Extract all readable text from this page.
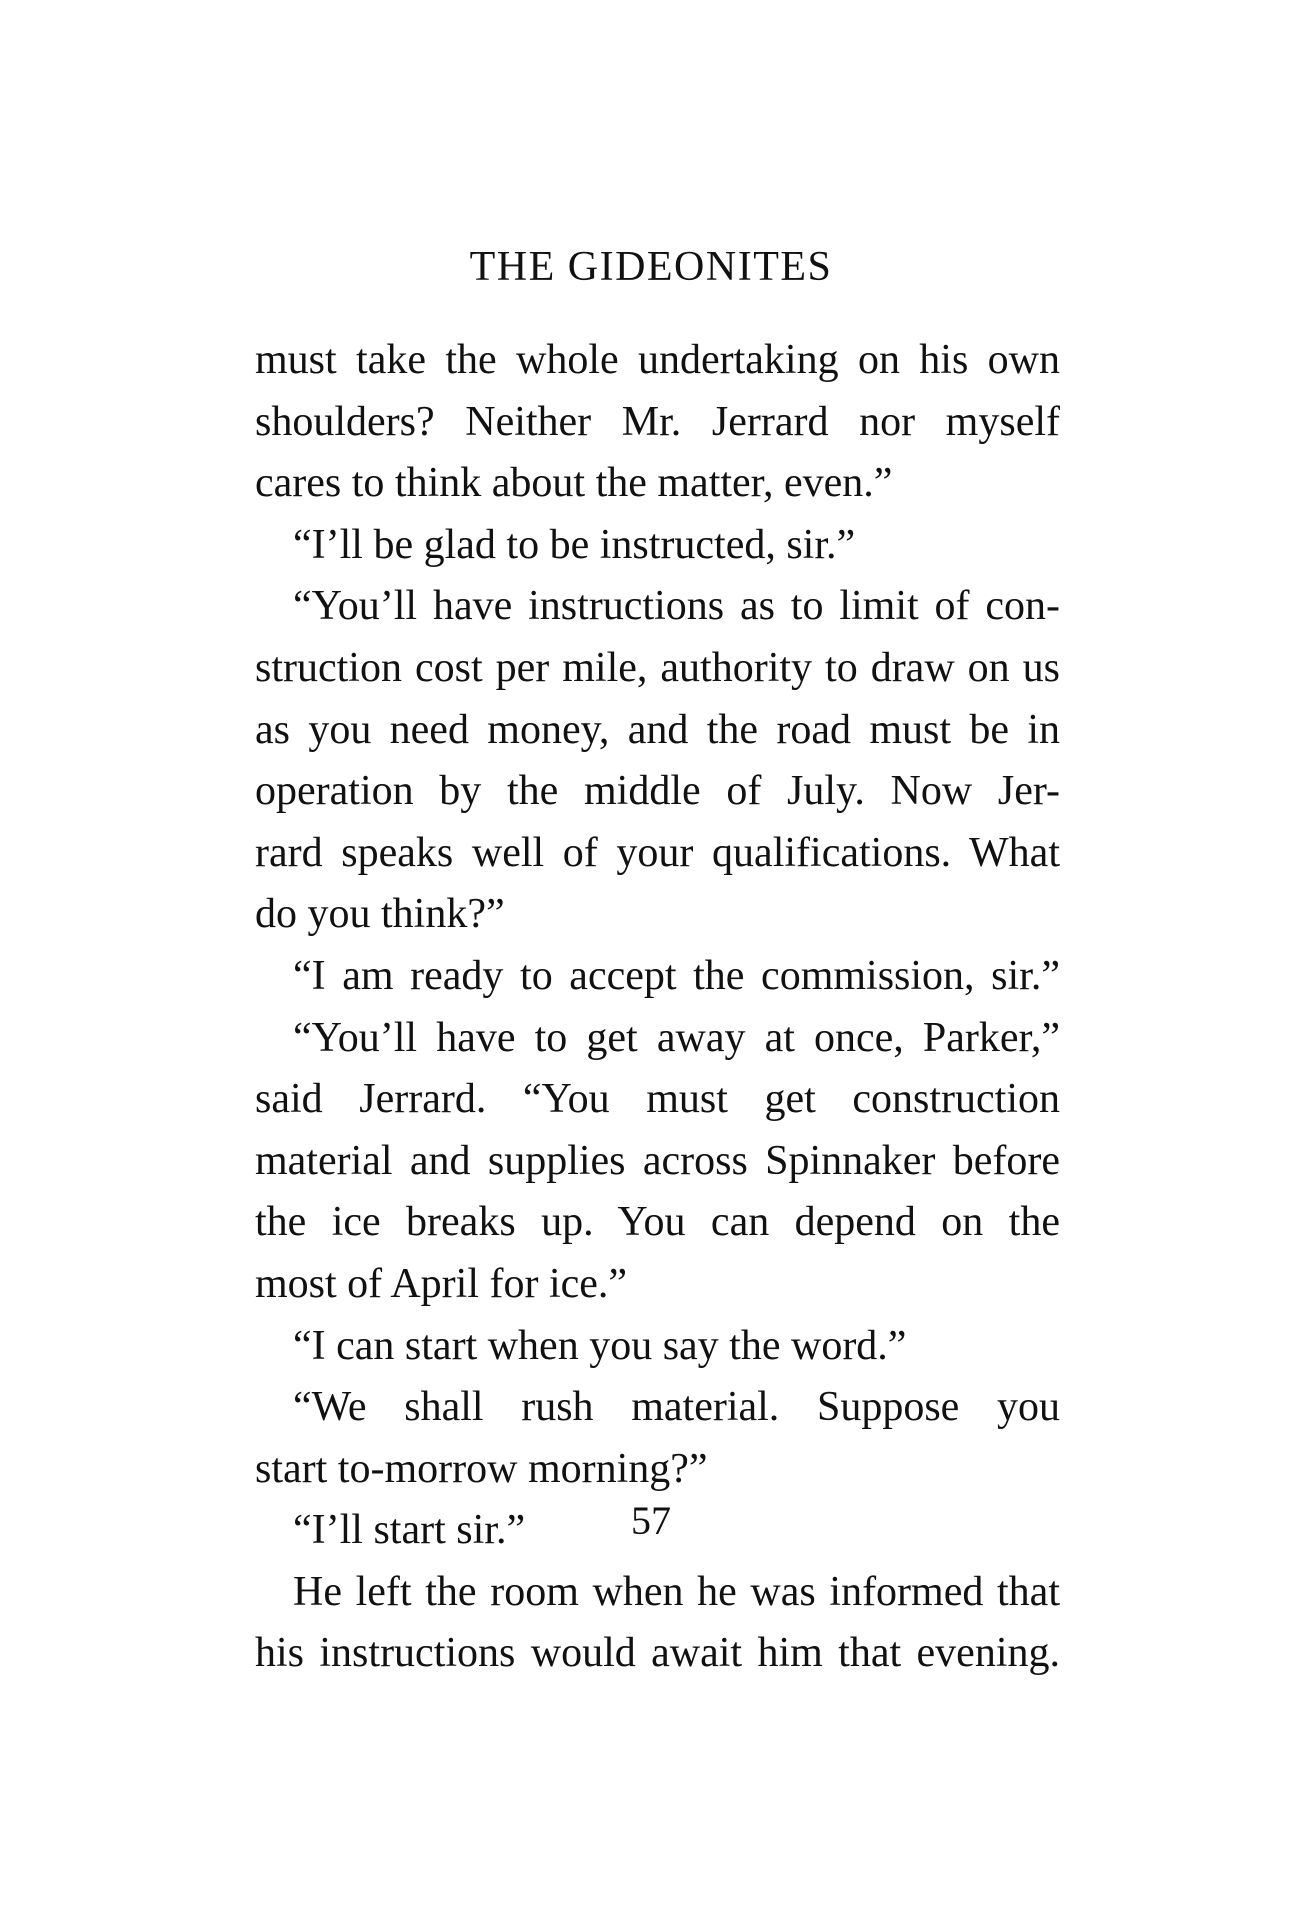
THE GIDEONITES
must take the whole undertaking on his own
shoulders? Neither Mr. Jerrard nor myself
cares to think about the matter, even.”
“I’ll be glad to be instructed, sir.”
“You’ll have instructions as to limit of con-
struction cost per mile, authority to draw on us
as you need money, and the road must be in
operation by the middle of July. Now Jer-
rard speaks well of your qualifications. What
do you think?”
“I am ready to accept the commission, sir.”
“You’ll have to get away at once, Parker,”
said Jerrard. “You must get construction
material and supplies across Spinnaker before
the ice breaks up. You can depend on the
most of April for ice.”
“I can start when you say the word.”
“We shall rush material. Suppose you
start to-morrow morning?”
“I’ll start sir.”
He left the room when he was informed that
his instructions would await him that evening.
57
